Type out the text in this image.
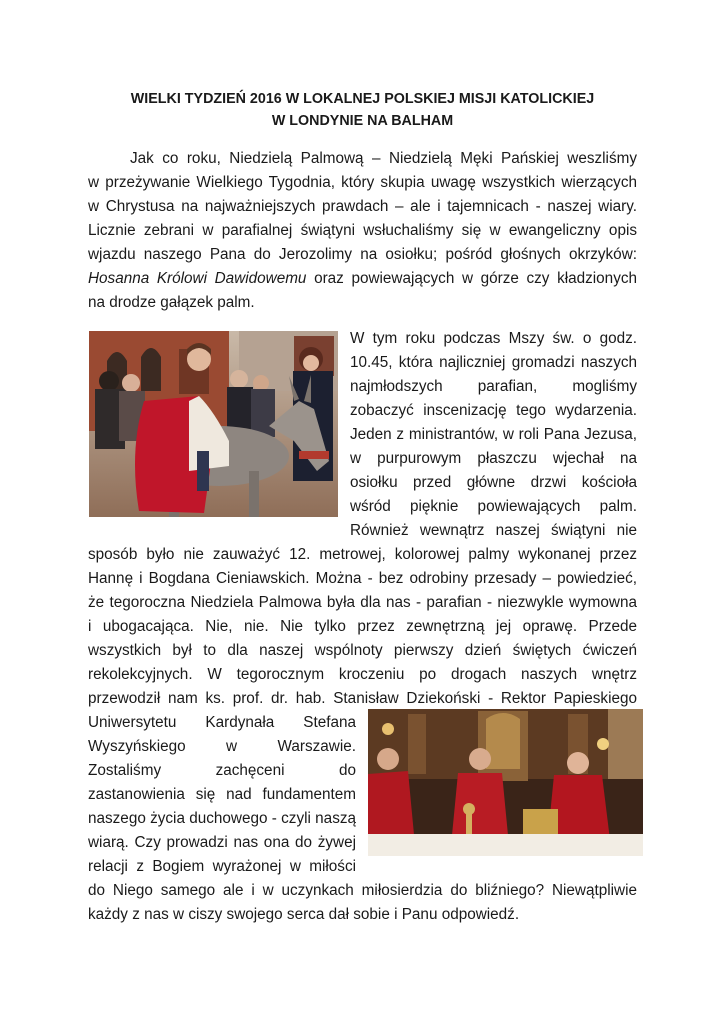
WIELKI TYDZIEŃ 2016 W LOKALNEJ POLSKIEJ MISJI KATOLICKIEJ
W LONDYNIE NA BALHAM
Jak co roku, Niedzielą Palmową – Niedzielą Męki Pańskiej weszliśmy
w przeżywanie Wielkiego Tygodnia, który skupia uwagę wszystkich wierzących
w Chrystusa na najważniejszych prawdach – ale i tajemnicach - naszej wiary.
Licznie zebrani w parafialnej świątyni wsłuchaliśmy się w ewangeliczny opis
wjazdu naszego Pana do Jerozolimy na osiołku; pośród głośnych okrzyków:
Hosanna Królowi Dawidowemu oraz powiewających w górze czy kładzionych
na drodze gałązek palm.
W tym roku podczas Mszy św. o godz.
10.45, która najliczniej gromadzi naszych
najmłodszych parafian, mogliśmy
zobaczyć inscenizację tego wydarzenia.
Jeden z ministrantów, w roli Pana Jezusa,
w purpurowym płaszczu wjechał na
osiołku przed główne drzwi kościoła
wśród pięknie powiewających palm.
Również wewnątrz naszej świątyni nie
sposób było nie zauważyć 12. metrowej, kolorowej palmy wykonanej przez
Hannę i Bogdana Cieniawskich. Można - bez odrobiny przesady – powiedzieć,
że tegoroczna Niedziela Palmowa była dla nas - parafian - niezwykle wymowna
i ubogacająca. Nie, nie. Nie tylko przez zewnętrzną jej oprawę. Przede
wszystkich był to dla naszej wspólnoty pierwszy dzień świętych ćwiczeń
rekolekcyjnych. W tegorocznym kroczeniu po drogach naszych wnętrz
przewodził nam ks. prof. dr. hab. Stanisław Dziekoński - Rektor Papieskiego
Uniwersytetu Kardynała Stefana
Wyszyńskiego w Warszawie.
Zostaliśmy zachęceni do
zastanowienia się nad fundamentem
naszego życia duchowego - czyli naszą
wiarą. Czy prowadzi nas ona do żywej
relacji z Bogiem wyrażonej w miłości
do Niego samego ale i w uczynkach miłosierdzia do bliźniego? Niewątpliwie
każdy z nas w ciszy swojego serca dał sobie i Panu odpowiedź.
